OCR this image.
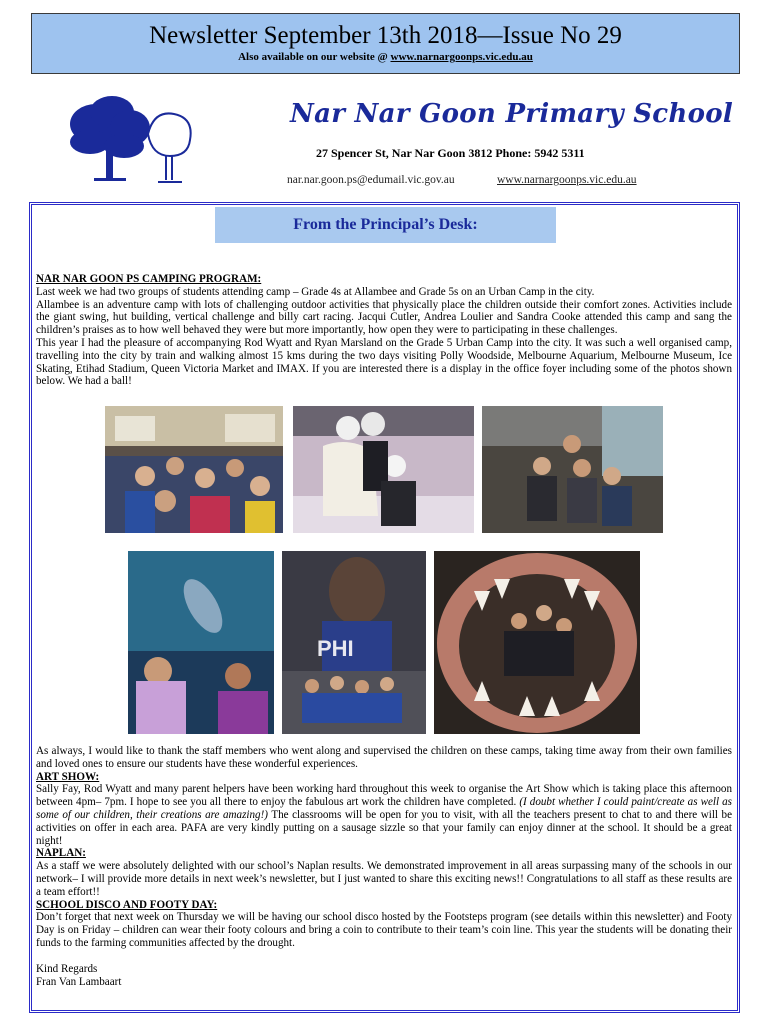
Newsletter September 13th 2018—Issue No 29
Also available on our website @ www.narnargoonps.vic.edu.au
Nar Nar Goon Primary School
27 Spencer St, Nar Nar Goon 3812 Phone: 5942 5311
nar.nar.goon.ps@edumail.vic.gov.au	www.narnargoonps.vic.edu.au
From the Principal’s Desk:
NAR NAR GOON PS CAMPING PROGRAM:
Last week we had two groups of students attending camp – Grade 4s at Allambee and Grade 5s on an Urban Camp in the city.
Allambee is an adventure camp with lots of challenging outdoor activities that physically place the children outside their comfort zones. Activities include the giant swing, hut building, vertical challenge and billy cart racing. Jacqui Cutler, Andrea Loulier and Sandra Cooke attended this camp and sang the children’s praises as to how well behaved they were but more importantly, how open they were to participating in these challenges.
This year I had the pleasure of accompanying Rod Wyatt and Ryan Marsland on the Grade 5 Urban Camp into the city. It was such a well organised camp, travelling into the city by train and walking almost 15 kms during the two days visiting Polly Woodside, Melbourne Aquarium, Melbourne Museum, Ice Skating, Etihad Stadium, Queen Victoria Market and IMAX. If you are interested there is a display in the office foyer including some of the photos shown below. We had a ball!
PHI
As always, I would like to thank the staff members who went along and supervised the children on these camps, taking time away from their own families and loved ones to ensure our students have these wonderful experiences.
ART SHOW:
Sally Fay, Rod Wyatt and many parent helpers have been working hard throughout this week to organise the Art Show which is taking place this afternoon between 4pm– 7pm. I hope to see you all there to enjoy the fabulous art work the children have completed. (I doubt whether I could paint/create as well as some of our children, their creations are amazing!) The classrooms will be open for you to visit, with all the teachers present to chat to and there will be activities on offer in each area. PAFA are very kindly putting on a sausage sizzle so that your family can enjoy dinner at the school. It should be a great night!
NAPLAN:
As a staff we were absolutely delighted with our school’s Naplan results. We demonstrated improvement in all areas surpassing many of the schools in our network– I will provide more details in next week’s newsletter, but I just wanted to share this exciting news!! Congratulations to all staff as these results are a team effort!!
SCHOOL DISCO AND FOOTY DAY:
Don’t forget that next week on Thursday we will be having our school disco hosted by the Footsteps program (see details within this newsletter) and Footy Day is on Friday – children can wear their footy colours and bring a coin to contribute to their team’s coin line. This year the students will be donating their funds to the farming communities affected by the drought.
Kind Regards
Fran Van Lambaart
